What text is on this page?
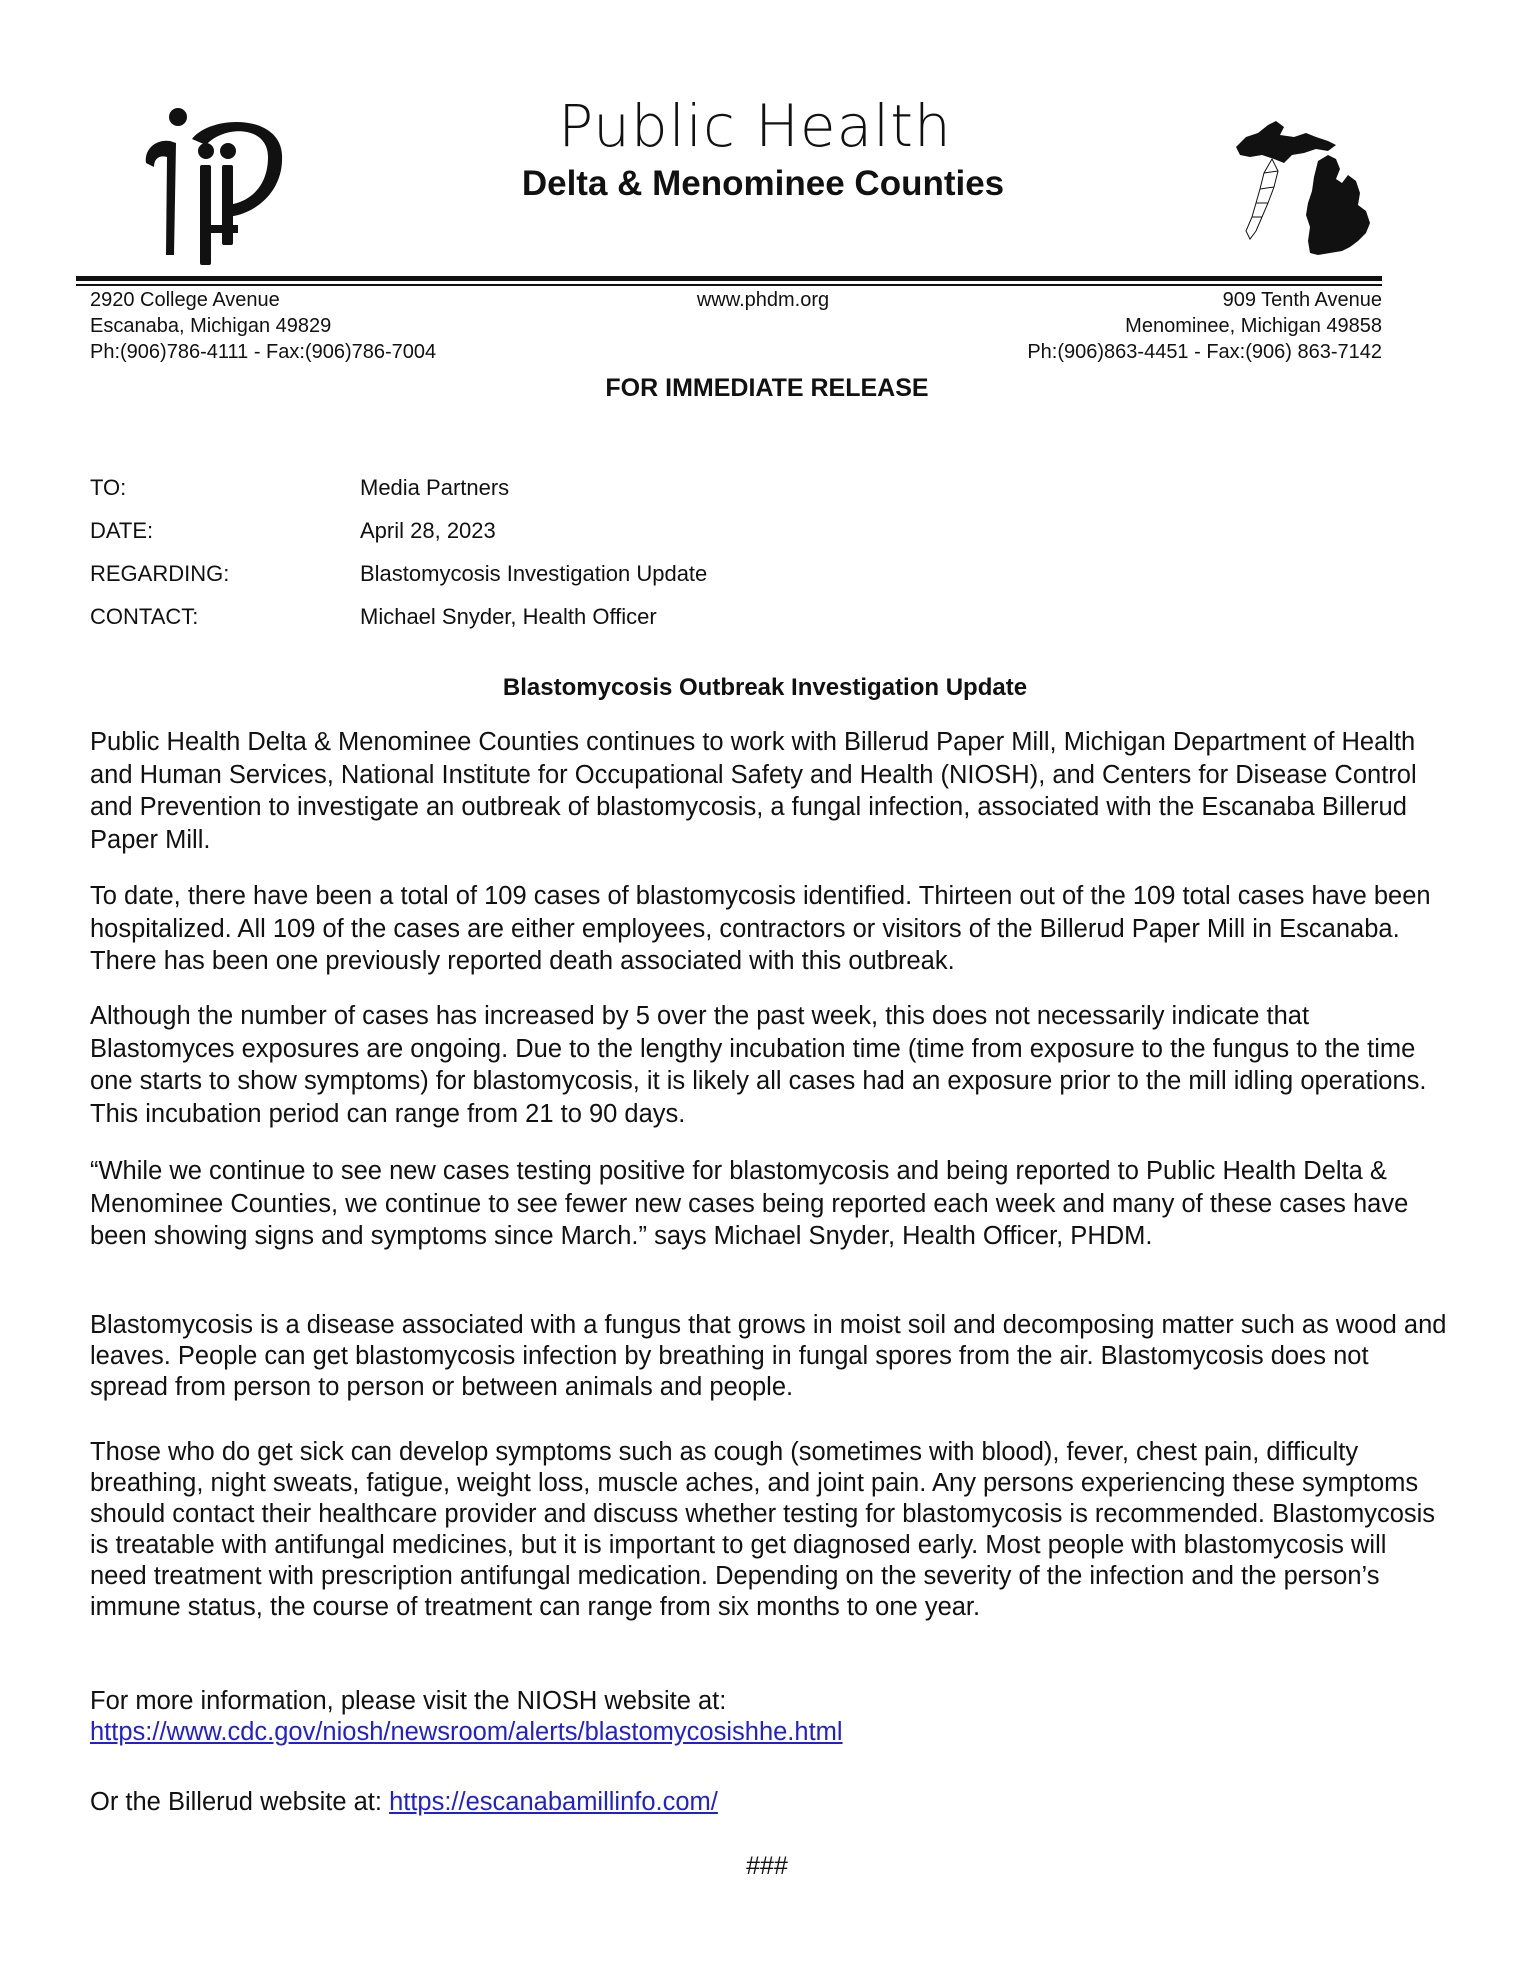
Public Health
Delta & Menominee Counties
2920 College Avenue
Escanaba, Michigan 49829
Ph:(906)786-4111 - Fax:(906)786-7004
www.phdm.org	909 Tenth Avenue
Menominee, Michigan 49858
Ph:(906)863-4451 - Fax:(906) 863-7142
FOR IMMEDIATE RELEASE
TO:	Media Partners
DATE:	April 28, 2023
REGARDING:	Blastomycosis Investigation Update
CONTACT:	Michael Snyder, Health Officer
Blastomycosis Outbreak Investigation Update

Public Health Delta & Menominee Counties continues to work with Billerud Paper Mill, Michigan Department of Health and Human Services, National Institute for Occupational Safety and Health (NIOSH), and Centers for Disease Control and Prevention to investigate an outbreak of blastomycosis, a fungal infection, associated with the Escanaba Billerud Paper Mill.

To date, there have been a total of 109 cases of blastomycosis identified. Thirteen out of the 109 total cases have been hospitalized. All 109 of the cases are either employees, contractors or visitors of the Billerud Paper Mill in Escanaba. There has been one previously reported death associated with this outbreak.

Although the number of cases has increased by 5 over the past week, this does not necessarily indicate that Blastomyces exposures are ongoing. Due to the lengthy incubation time (time from exposure to the fungus to the time one starts to show symptoms) for blastomycosis, it is likely all cases had an exposure prior to the mill idling operations. This incubation period can range from 21 to 90 days.

“While we continue to see new cases testing positive for blastomycosis and being reported to Public Health Delta & Menominee Counties, we continue to see fewer new cases being reported each week and many of these cases have been showing signs and symptoms since March.” says Michael Snyder, Health Officer, PHDM.

Blastomycosis is a disease associated with a fungus that grows in moist soil and decomposing matter such as wood and leaves. People can get blastomycosis infection by breathing in fungal spores from the air. Blastomycosis does not spread from person to person or between animals and people.

Those who do get sick can develop symptoms such as cough (sometimes with blood), fever, chest pain, difficulty breathing, night sweats, fatigue, weight loss, muscle aches, and joint pain. Any persons experiencing these symptoms should contact their healthcare provider and discuss whether testing for blastomycosis is recommended. Blastomycosis is treatable with antifungal medicines, but it is important to get diagnosed early. Most people with blastomycosis will need treatment with prescription antifungal medication. Depending on the severity of the infection and the person’s immune status, the course of treatment can range from six months to one year.

For more information, please visit the NIOSH website at:
https://www.cdc.gov/niosh/newsroom/alerts/blastomycosishhe.html
Or the Billerud website at: https://escanabamillinfo.com/
###
